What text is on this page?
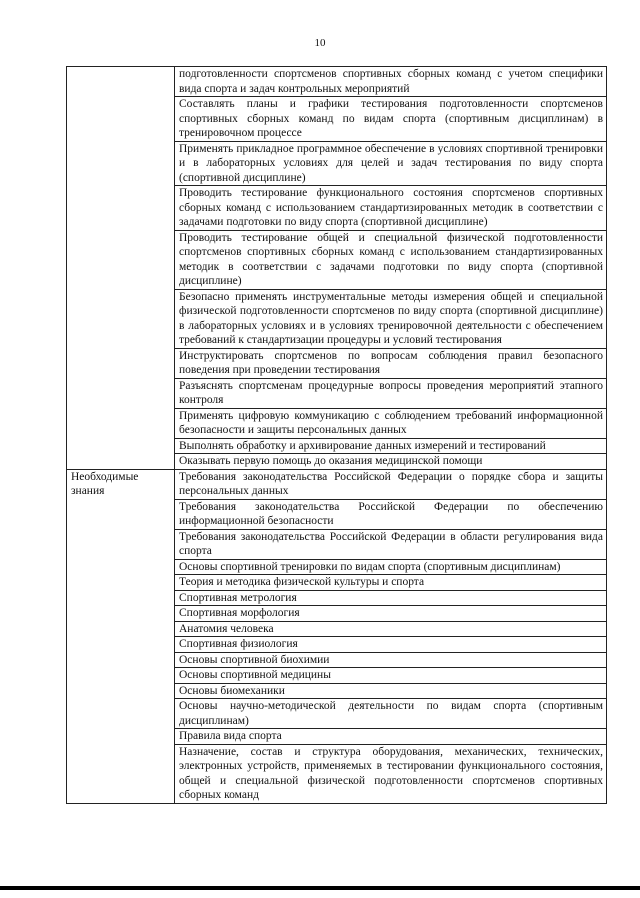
10
	подготовленности спортсменов спортивных сборных команд с учетом специфики вида спорта и задач контрольных мероприятий
	Составлять планы и графики тестирования подготовленности спортсменов спортивных сборных команд по видам спорта (спортивным дисциплинам) в тренировочном процессе
	Применять прикладное программное обеспечение в условиях спортивной тренировки и в лабораторных условиях для целей и задач тестирования по виду спорта (спортивной дисциплине)
	Проводить тестирование функционального состояния спортсменов спортивных сборных команд с использованием стандартизированных методик в соответствии с задачами подготовки по виду спорта (спортивной дисциплине)
	Проводить тестирование общей и специальной физической подготовленности спортсменов спортивных сборных команд с использованием стандартизированных методик в соответствии с задачами подготовки по виду спорта (спортивной дисциплине)
	Безопасно применять инструментальные методы измерения общей и специальной физической подготовленности спортсменов по виду спорта (спортивной дисциплине) в лабораторных условиях и в условиях тренировочной деятельности с обеспечением требований к стандартизации процедуры и условий тестирования
	Инструктировать спортсменов по вопросам соблюдения правил безопасного поведения при проведении тестирования
	Разъяснять спортсменам процедурные вопросы проведения мероприятий этапного контроля
	Применять цифровую коммуникацию с соблюдением требований информационной безопасности и защиты персональных данных
	Выполнять обработку и архивирование данных измерений и тестирований
	Оказывать первую помощь до оказания медицинской помощи
Необходимые знания	Требования законодательства Российской Федерации о порядке сбора и защиты персональных данных
	Требования законодательства Российской Федерации по обеспечению информационной безопасности
	Требования законодательства Российской Федерации в области регулирования вида спорта
	Основы спортивной тренировки по видам спорта (спортивным дисциплинам)
	Теория и методика физической культуры и спорта
	Спортивная метрология
	Спортивная морфология
	Анатомия человека
	Спортивная физиология
	Основы спортивной биохимии
	Основы спортивной медицины
	Основы биомеханики
	Основы научно-методической деятельности по видам спорта (спортивным дисциплинам)
	Правила вида спорта
	Назначение, состав и структура оборудования, механических, технических, электронных устройств, применяемых в тестировании функционального состояния, общей и специальной физической подготовленности спортсменов спортивных сборных команд
